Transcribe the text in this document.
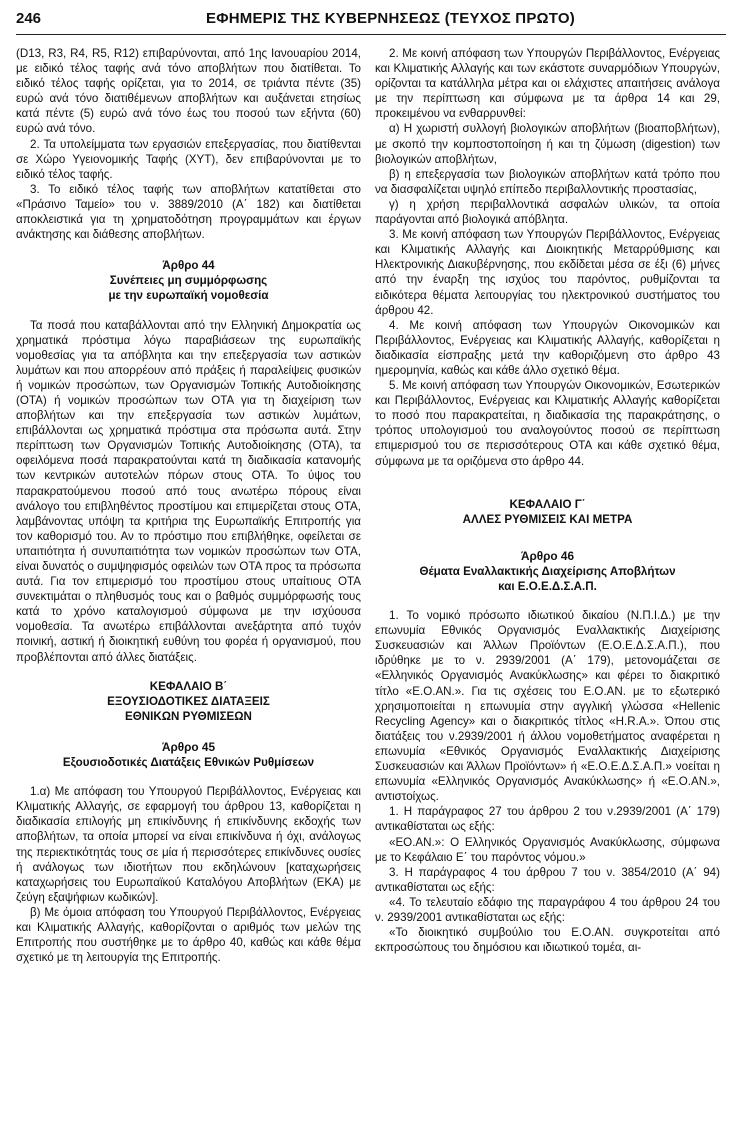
246	ΕΦΗΜΕΡΙΣ ΤΗΣ ΚΥΒΕΡΝΗΣΕΩΣ (ΤΕΥΧΟΣ ΠΡΩΤΟ)

(D13, R3, R4, R5, R12) επιβαρύνονται, από 1ης Ιανουαρίου 2014, με ειδικό τέλος ταφής ανά τόνο αποβλήτων που διατίθεται. Το ειδικό τέλος ταφής ορίζεται, για το 2014, σε τριάντα πέντε (35) ευρώ ανά τόνο διατιθέμενων αποβλήτων και αυξάνεται ετησίως κατά πέντε (5) ευρώ ανά τόνο έως του ποσού των εξήντα (60) ευρώ ανά τόνο.

2. Τα υπολείμματα των εργασιών επεξεργασίας, που διατίθενται σε Χώρο Υγειονομικής Ταφής (ΧΥΤ), δεν επιβαρύνονται με το ειδικό τέλος ταφής.

3. Το ειδικό τέλος ταφής των αποβλήτων κατατίθεται στο «Πράσινο Ταμείο» του ν. 3889/2010 (Α΄ 182) και διατίθεται αποκλειστικά για τη χρηματοδότηση προγραμμάτων και έργων ανάκτησης και διάθεσης αποβλήτων.

Άρθρο 44

Συνέπειες μη συμμόρφωσης

με την ευρωπαϊκή νομοθεσία

Τα ποσά που καταβάλλονται από την Ελληνική Δημοκρατία ως χρηματικά πρόστιμα λόγω παραβιάσεων της ευρωπαϊκής νομοθεσίας για τα απόβλητα και την επεξεργασία των αστικών λυμάτων και που απορρέουν από πράξεις ή παραλείψεις φυσικών ή νομικών προσώπων, των Οργανισμών Τοπικής Αυτοδιοίκησης (ΟΤΑ) ή νομικών προσώπων των ΟΤΑ για τη διαχείριση των αποβλήτων και την επεξεργασία των αστικών λυμάτων, επιβάλλονται ως χρηματικά πρόστιμα στα πρόσωπα αυτά. Στην περίπτωση των Οργανισμών Τοπικής Αυτοδιοίκησης (ΟΤΑ), τα οφειλόμενα ποσά παρακρατούνται κατά τη διαδικασία κατανομής των κεντρικών αυτοτελών πόρων στους ΟΤΑ. Το ύψος του παρακρατούμενου ποσού από τους ανωτέρω πόρους είναι ανάλογο του επιβληθέντος προστίμου και επιμερίζεται στους ΟΤΑ, λαμβάνοντας υπόψη τα κριτήρια της Ευρωπαϊκής Επιτροπής για τον καθορισμό του. Αν το πρόστιμο που επιβλήθηκε, οφείλεται σε υπαιτιότητα ή συνυπαιτιότητα των νομικών προσώπων των ΟΤΑ, είναι δυνατός ο συμψηφισμός οφειλών των ΟΤΑ προς τα πρόσωπα αυτά. Για τον επιμερισμό του προστίμου στους υπαίτιους ΟΤΑ συνεκτιμάται ο πληθυσμός τους και ο βαθμός συμμόρφωσής τους κατά το χρόνο καταλογισμού σύμφωνα με την ισχύουσα νομοθεσία. Τα ανωτέρω επιβάλλονται ανεξάρτητα από τυχόν ποινική, αστική ή διοικητική ευθύνη του φορέα ή οργανισμού, που προβλέπονται από άλλες διατάξεις.

ΚΕΦΑΛΑΙΟ Β΄

ΕΞΟΥΣΙΟΔΟΤΙΚΕΣ ΔΙΑΤΑΞΕΙΣ

ΕΘΝΙΚΩΝ ΡΥΘΜΙΣΕΩΝ

Άρθρο 45

Εξουσιοδοτικές Διατάξεις Εθνικών Ρυθμίσεων

1.α) Με απόφαση του Υπουργού Περιβάλλοντος, Ενέργειας και Κλιματικής Αλλαγής, σε εφαρμογή του άρθρου 13, καθορίζεται η διαδικασία επιλογής μη επικίνδυνης ή επικίνδυνης εκδοχής των αποβλήτων, τα οποία μπορεί να είναι επικίνδυνα ή όχι, ανάλογως της περιεκτικότητάς τους σε μία ή περισσότερες επικίνδυνες ουσίες ή ανάλογως των ιδιοτήτων που εκδηλώνουν [καταχωρήσεις καταχωρήσεις του Ευρωπαϊκού Καταλόγου Αποβλήτων (ΕΚΑ) με ζεύγη εξαψήφιων κωδικών].

β) Με όμοια απόφαση του Υπουργού Περιβάλλοντος, Ενέργειας και Κλιματικής Αλλαγής, καθορίζονται ο αριθμός των μελών της Επιτροπής που συστήθηκε με το άρθρο 40, καθώς και κάθε θέμα σχετικό με τη λειτουργία της Επιτροπής.

2. Με κοινή απόφαση των Υπουργών Περιβάλλοντος, Ενέργειας και Κλιματικής Αλλαγής και των εκάστοτε συναρμόδιων Υπουργών, ορίζονται τα κατάλληλα μέτρα και οι ελάχιστες απαιτήσεις ανάλογα με την περίπτωση και σύμφωνα με τα άρθρα 14 και 29, προκειμένου να ενθαρρυνθεί:

α) Η χωριστή συλλογή βιολογικών αποβλήτων (βιοαποβλήτων), με σκοπό την κομποστοποίηση ή και τη ζύμωση (digestion) των βιολογικών αποβλήτων,

β) η επεξεργασία των βιολογικών αποβλήτων κατά τρόπο που να διασφαλίζεται υψηλό επίπεδο περιβαλλοντικής προστασίας,

γ) η χρήση περιβαλλοντικά ασφαλών υλικών, τα οποία παράγονται από βιολογικά απόβλητα.

3. Με κοινή απόφαση των Υπουργών Περιβάλλοντος, Ενέργειας και Κλιματικής Αλλαγής και Διοικητικής Μεταρρύθμισης και Ηλεκτρονικής Διακυβέρνησης, που εκδίδεται μέσα σε έξι (6) μήνες από την έναρξη της ισχύος του παρόντος, ρυθμίζονται τα ειδικότερα θέματα λειτουργίας του ηλεκτρονικού συστήματος του άρθρου 42.

4. Με κοινή απόφαση των Υπουργών Οικονομικών και Περιβάλλοντος, Ενέργειας και Κλιματικής Αλλαγής, καθορίζεται η διαδικασία είσπραξης μετά την καθοριζόμενη στο άρθρο 43 ημερομηνία, καθώς και κάθε άλλο σχετικό θέμα.

5. Με κοινή απόφαση των Υπουργών Οικονομικών, Εσωτερικών και Περιβάλλοντος, Ενέργειας και Κλιματικής Αλλαγής καθορίζεται το ποσό που παρακρατείται, η διαδικασία της παρακράτησης, ο τρόπος υπολογισμού του αναλογούντος ποσού σε περίπτωση επιμερισμού του σε περισσότερους ΟΤΑ και κάθε σχετικό θέμα, σύμφωνα με τα οριζόμενα στο άρθρο 44.

ΚΕΦΑΛΑΙΟ Γ΄

ΑΛΛΕΣ ΡΥΘΜΙΣΕΙΣ ΚΑΙ ΜΕΤΡΑ

Άρθρο 46

Θέματα Εναλλακτικής Διαχείρισης Αποβλήτων

και Ε.Ο.Ε.Δ.Σ.Α.Π.

1. Το νομικό πρόσωπο ιδιωτικού δικαίου (Ν.Π.Ι.Δ.) με την επωνυμία Εθνικός Οργανισμός Εναλλακτικής Διαχείρισης Συσκευασιών και Άλλων Προϊόντων (Ε.Ο.Ε.Δ.Σ.Α.Π.), που ιδρύθηκε με το ν. 2939/2001 (Α΄ 179), μετονομάζεται σε «Ελληνικός Οργανισμός Ανακύκλωσης» και φέρει το διακριτικό τίτλο «Ε.Ο.ΑΝ.». Για τις σχέσεις του Ε.Ο.ΑΝ. με το εξωτερικό χρησιμοποιείται η επωνυμία στην αγγλική γλώσσα «Hellenic Recycling Agency» και ο διακριτικός τίτλος «H.R.A.». Όπου στις διατάξεις του ν.2939/2001 ή άλλου νομοθετήματος αναφέρεται η επωνυμία «Εθνικός Οργανισμός Εναλλακτικής Διαχείρισης Συσκευασιών και Άλλων Προϊόντων» ή «Ε.Ο.Ε.Δ.Σ.Α.Π.» νοείται η επωνυμία «Ελληνικός Οργανισμός Ανακύκλωσης» ή «Ε.Ο.ΑΝ.», αντιστοίχως.

1. Η παράγραφος 27 του άρθρου 2 του ν.2939/2001 (Α΄ 179) αντικαθίσταται ως εξής:

«ΕΟ.ΑΝ.»: Ο Ελληνικός Οργανισμός Ανακύκλωσης, σύμφωνα με το Κεφάλαιο Ε΄ του παρόντος νόμου.»

3. Η παράγραφος 4 του άρθρου 7 του ν. 3854/2010 (Α΄ 94) αντικαθίσταται ως εξής:

«4. Το τελευταίο εδάφιο της παραγράφου 4 του άρθρου 24 του ν. 2939/2001 αντικαθίσταται ως εξής:

«Το διοικητικό συμβούλιο του Ε.Ο.ΑΝ. συγκροτείται από εκπροσώπους του δημόσιου και ιδιωτικού τομέα, αι-
